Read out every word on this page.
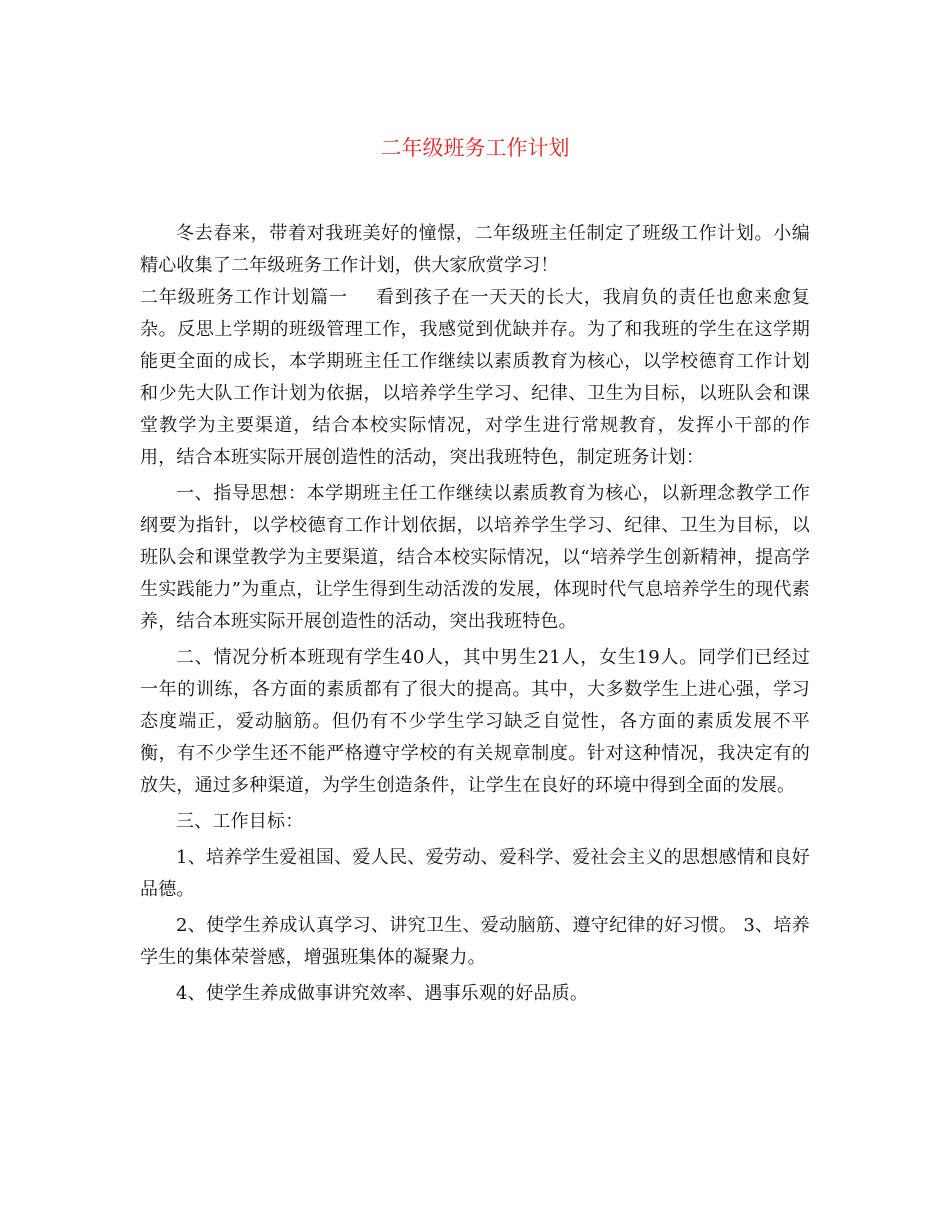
二年级班务工作计划

冬去春来，带着对我班美好的憧憬，二年级班主任制定了班级工作计划。小编精心收集了二年级班务工作计划，供大家欣赏学习！

二年级班务工作计划篇一 看到孩子在一天天的长大，我肩负的责任也愈来愈复杂。反思上学期的班级管理工作，我感觉到优缺并存。为了和我班的学生在这学期能更全面的成长，本学期班主任工作继续以素质教育为核心，以学校德育工作计划和少先大队工作计划为依据，以培养学生学习、纪律、卫生为目标，以班队会和课堂教学为主要渠道，结合本校实际情况，对学生进行常规教育，发挥小干部的作用，结合本班实际开展创造性的活动，突出我班特色，制定班务计划：

一、指导思想：本学期班主任工作继续以素质教育为核心，以新理念教学工作纲要为指针，以学校德育工作计划依据，以培养学生学习、纪律、卫生为目标，以班队会和课堂教学为主要渠道，结合本校实际情况，以“培养学生创新精神，提高学生实践能力”为重点，让学生得到生动活泼的发展，体现时代气息培养学生的现代素养，结合本班实际开展创造性的活动，突出我班特色。

二、情况分析本班现有学生40人，其中男生21人，女生19人。同学们已经过一年的训练，各方面的素质都有了很大的提高。其中，大多数学生上进心强，学习态度端正，爱动脑筋。但仍有不少学生学习缺乏自觉性，各方面的素质发展不平衡，有不少学生还不能严格遵守学校的有关规章制度。针对这种情况，我决定有的放失，通过多种渠道，为学生创造条件，让学生在良好的环境中得到全面的发展。

三、工作目标：

1、培养学生爱祖国、爱人民、爱劳动、爱科学、爱社会主义的思想感情和良好品德。

2、使学生养成认真学习、讲究卫生、爱动脑筋、遵守纪律的好习惯。 3、培养学生的集体荣誉感，增强班集体的凝聚力。

4、使学生养成做事讲究效率、遇事乐观的好品质。
